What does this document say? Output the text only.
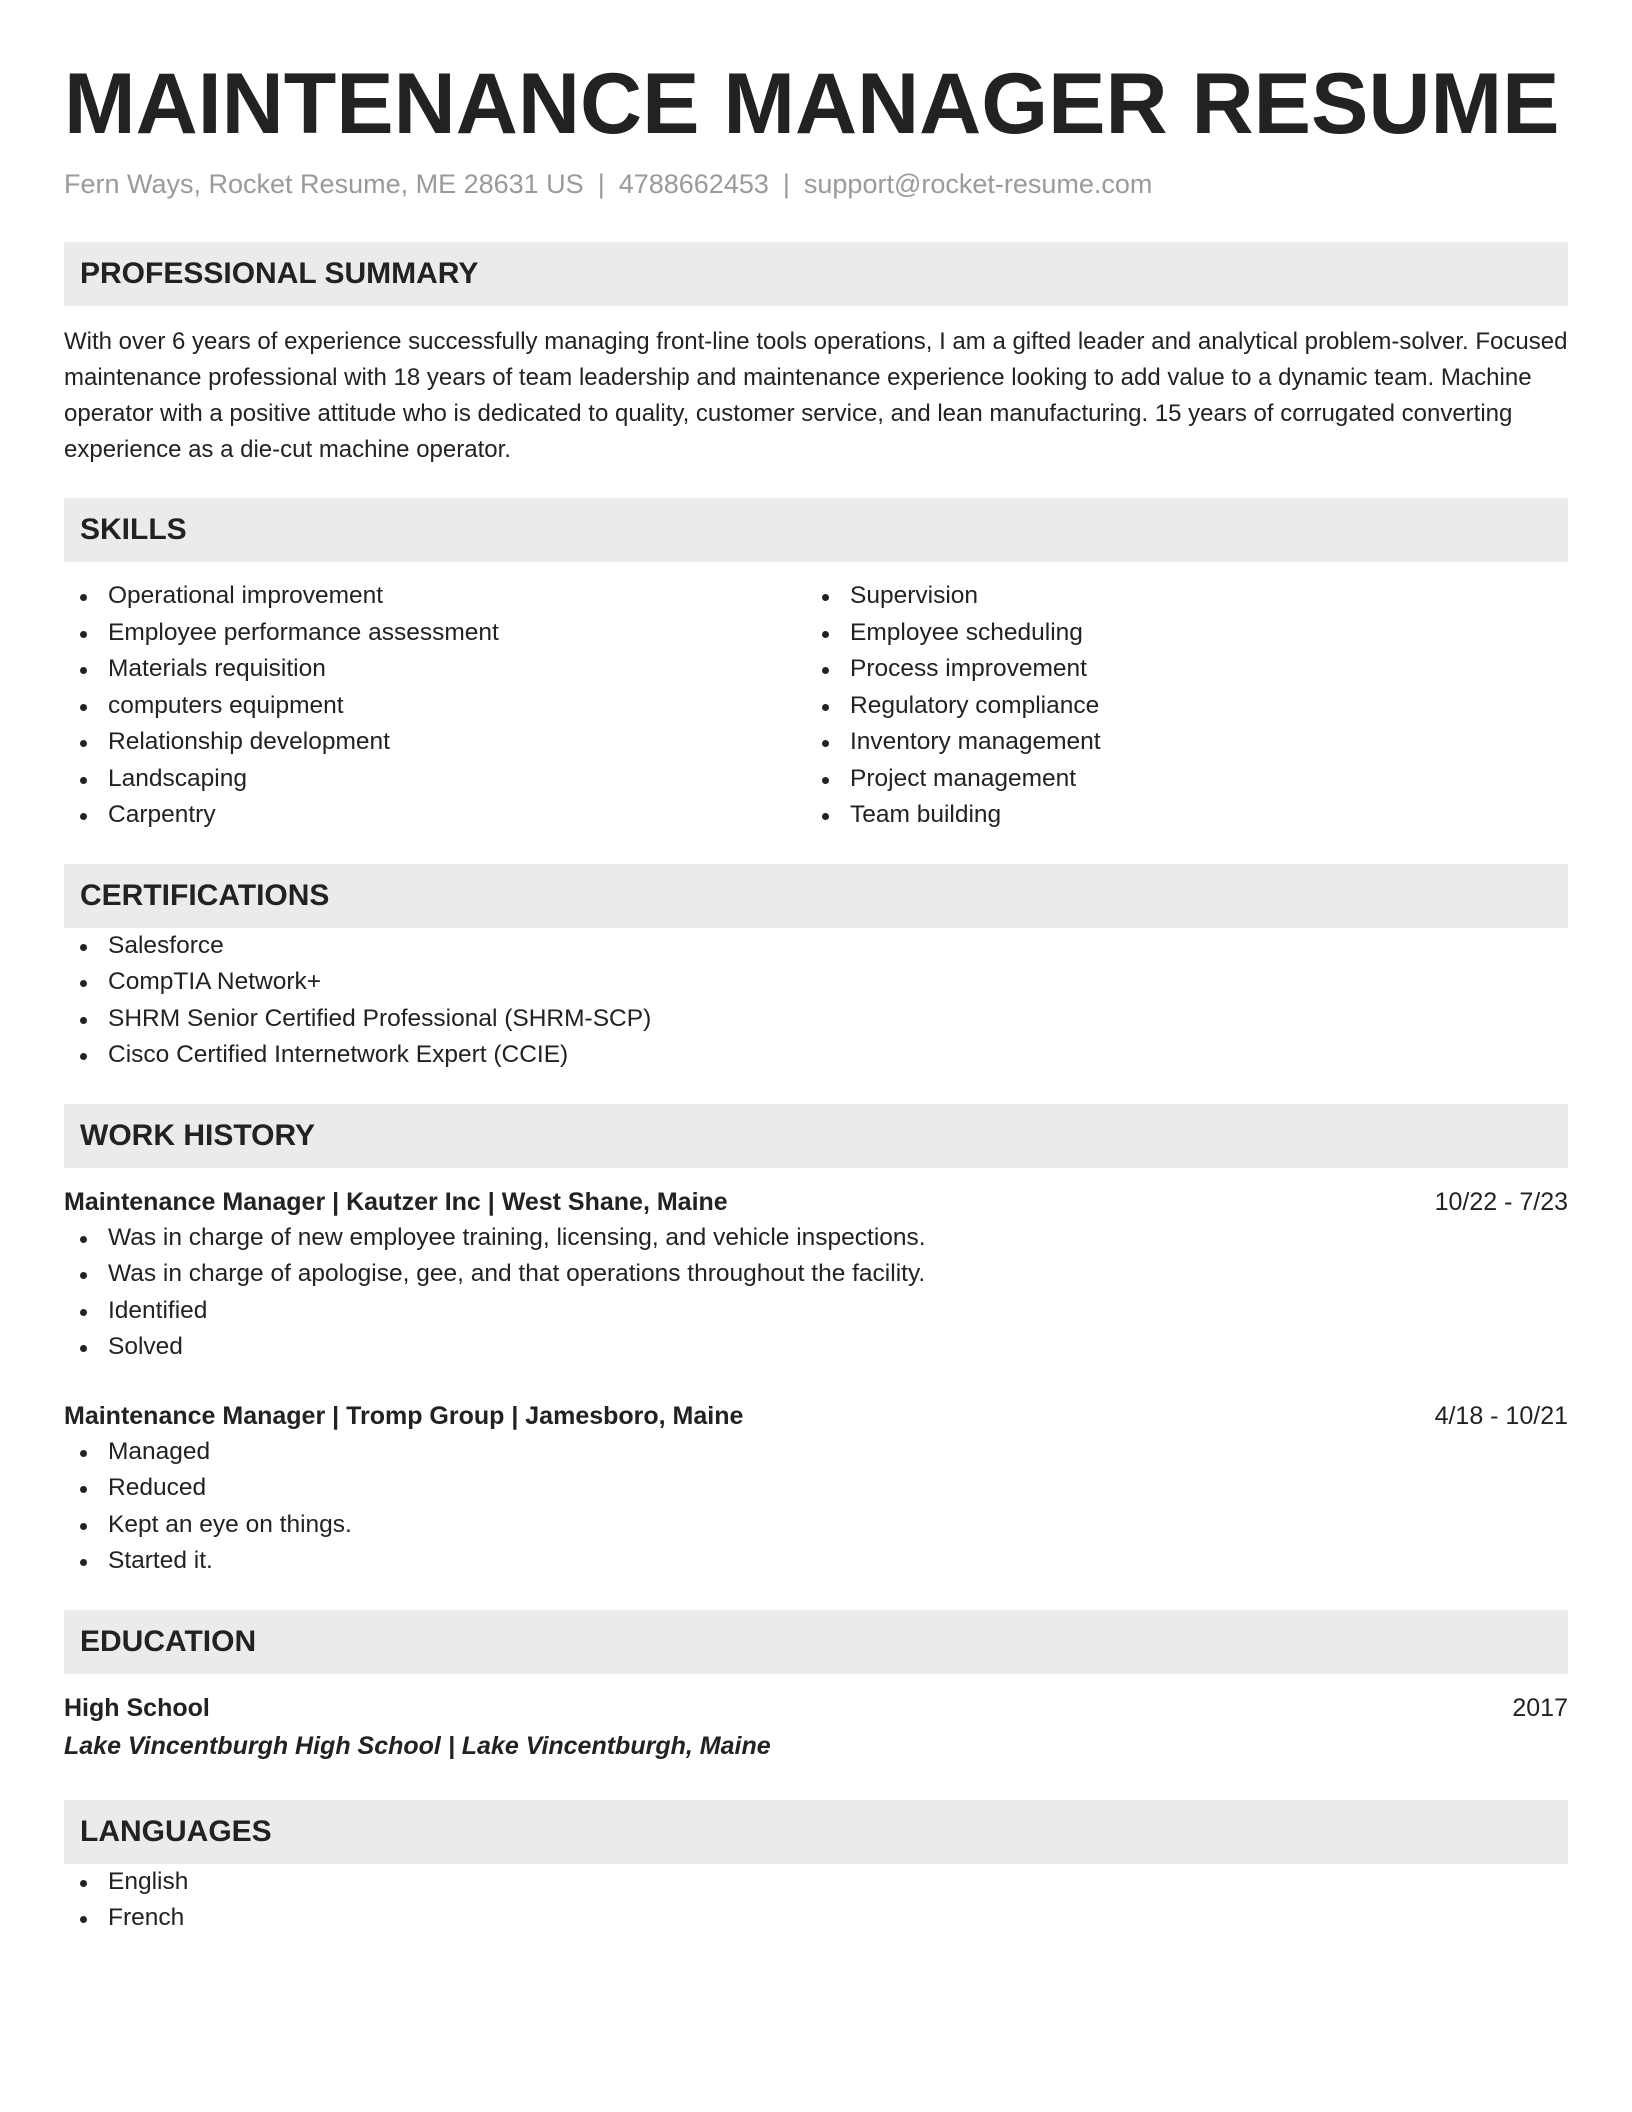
MAINTENANCE MANAGER RESUME
Fern Ways, Rocket Resume, ME 28631 US | 4788662453 | support@rocket-resume.com
PROFESSIONAL SUMMARY

With over 6 years of experience successfully managing front-line tools operations, I am a gifted leader and analytical problem-solver. Focused maintenance professional with 18 years of team leadership and maintenance experience looking to add value to a dynamic team. Machine operator with a positive attitude who is dedicated to quality, customer service, and lean manufacturing. 15 years of corrugated converting experience as a die-cut machine operator.

SKILLS
Operational improvement
Employee performance assessment
Materials requisition
computers equipment
Relationship development
Landscaping
Carpentry
Supervision
Employee scheduling
Process improvement
Regulatory compliance
Inventory management
Project management
Team building
CERTIFICATIONS
Salesforce
CompTIA Network+
SHRM Senior Certified Professional (SHRM-SCP)
Cisco Certified Internetwork Expert (CCIE)
WORK HISTORY
Maintenance Manager | Kautzer Inc | West Shane, Maine	10/22 - 7/23
Was in charge of new employee training, licensing, and vehicle inspections.
Was in charge of apologise, gee, and that operations throughout the facility.
Identified
Solved
Maintenance Manager | Tromp Group | Jamesboro, Maine	4/18 - 10/21
Managed
Reduced
Kept an eye on things.
Started it.
EDUCATION
High School	2017
Lake Vincentburgh High School | Lake Vincentburgh, Maine
LANGUAGES
English
French
